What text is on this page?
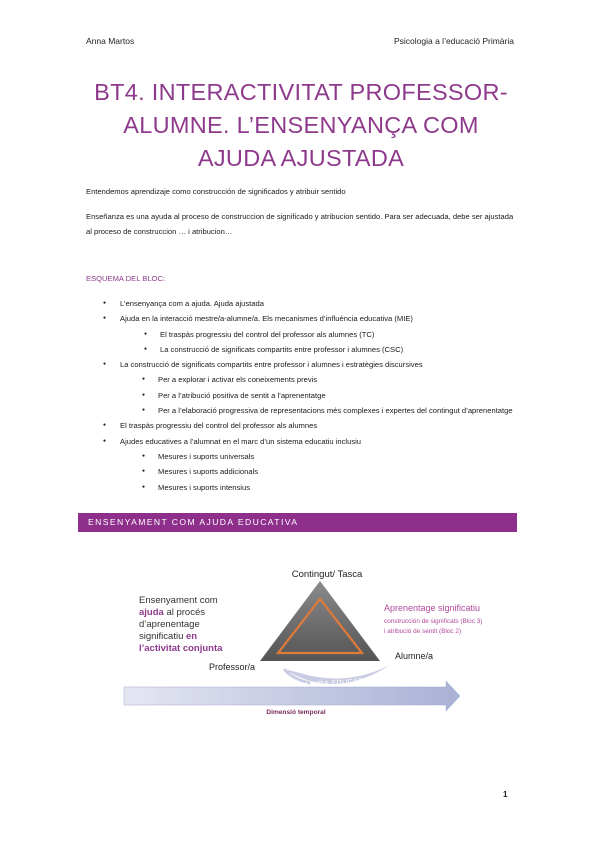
Anna Martos	Psicologia a l’educació Primària
BT4. INTERACTIVITAT PROFESSOR-
ALUMNE. L’ENSENYANÇA COM
AJUDA AJUSTADA
Entendemos aprendizaje como construcción de significados y atribuir sentido
Enseñanza es una ayuda al proceso de construccion de significado y atribucion sentido. Para ser adecuada, debe ser ajustada al proceso de construccion … i atribucion…
ESQUEMA DEL BLOC:
● L’ensenyança com a ajuda. Ajuda ajustada
● Ajuda en la interacció mestre/a-alumne/a. Els mecanismes d’influència educativa (MIE)
● El traspàs progressiu del control del professor als alumnes (TC)
● La construcció de significats compartits entre professor i alumnes (CSC)
● La construcció de significats compartits entre professor i alumnes i estratègies discursives
● Per a explorar i activar els coneixements previs
● Per a l’atribució positiva de sentit a l’aprenentatge
● Per a l’elaboració progressiva de representacions més complexes i expertes del contingut d’aprenentatge
● El traspàs progressiu del control del professor als alumnes
● Ajudes educatives a l’alumnat en el marc d’un sistema educatiu inclusiu
● Mesures i suports universals
● Mesures i suports addicionals
● Mesures i suports intensius
ENSENYAMENT COM AJUDA EDUCATIVA
Contingut/ Tasca
Ensenyament com ajuda al procés d’aprenentage significatiu en l’activitat conjunta
Aprenentage significatiu
construcción de significats (Bloc 3)
i atribució de sentit (Bloc 2)
Professor/a
Alumne/a
AJUDA EDUCATIVA
Dimensió temporal
1
